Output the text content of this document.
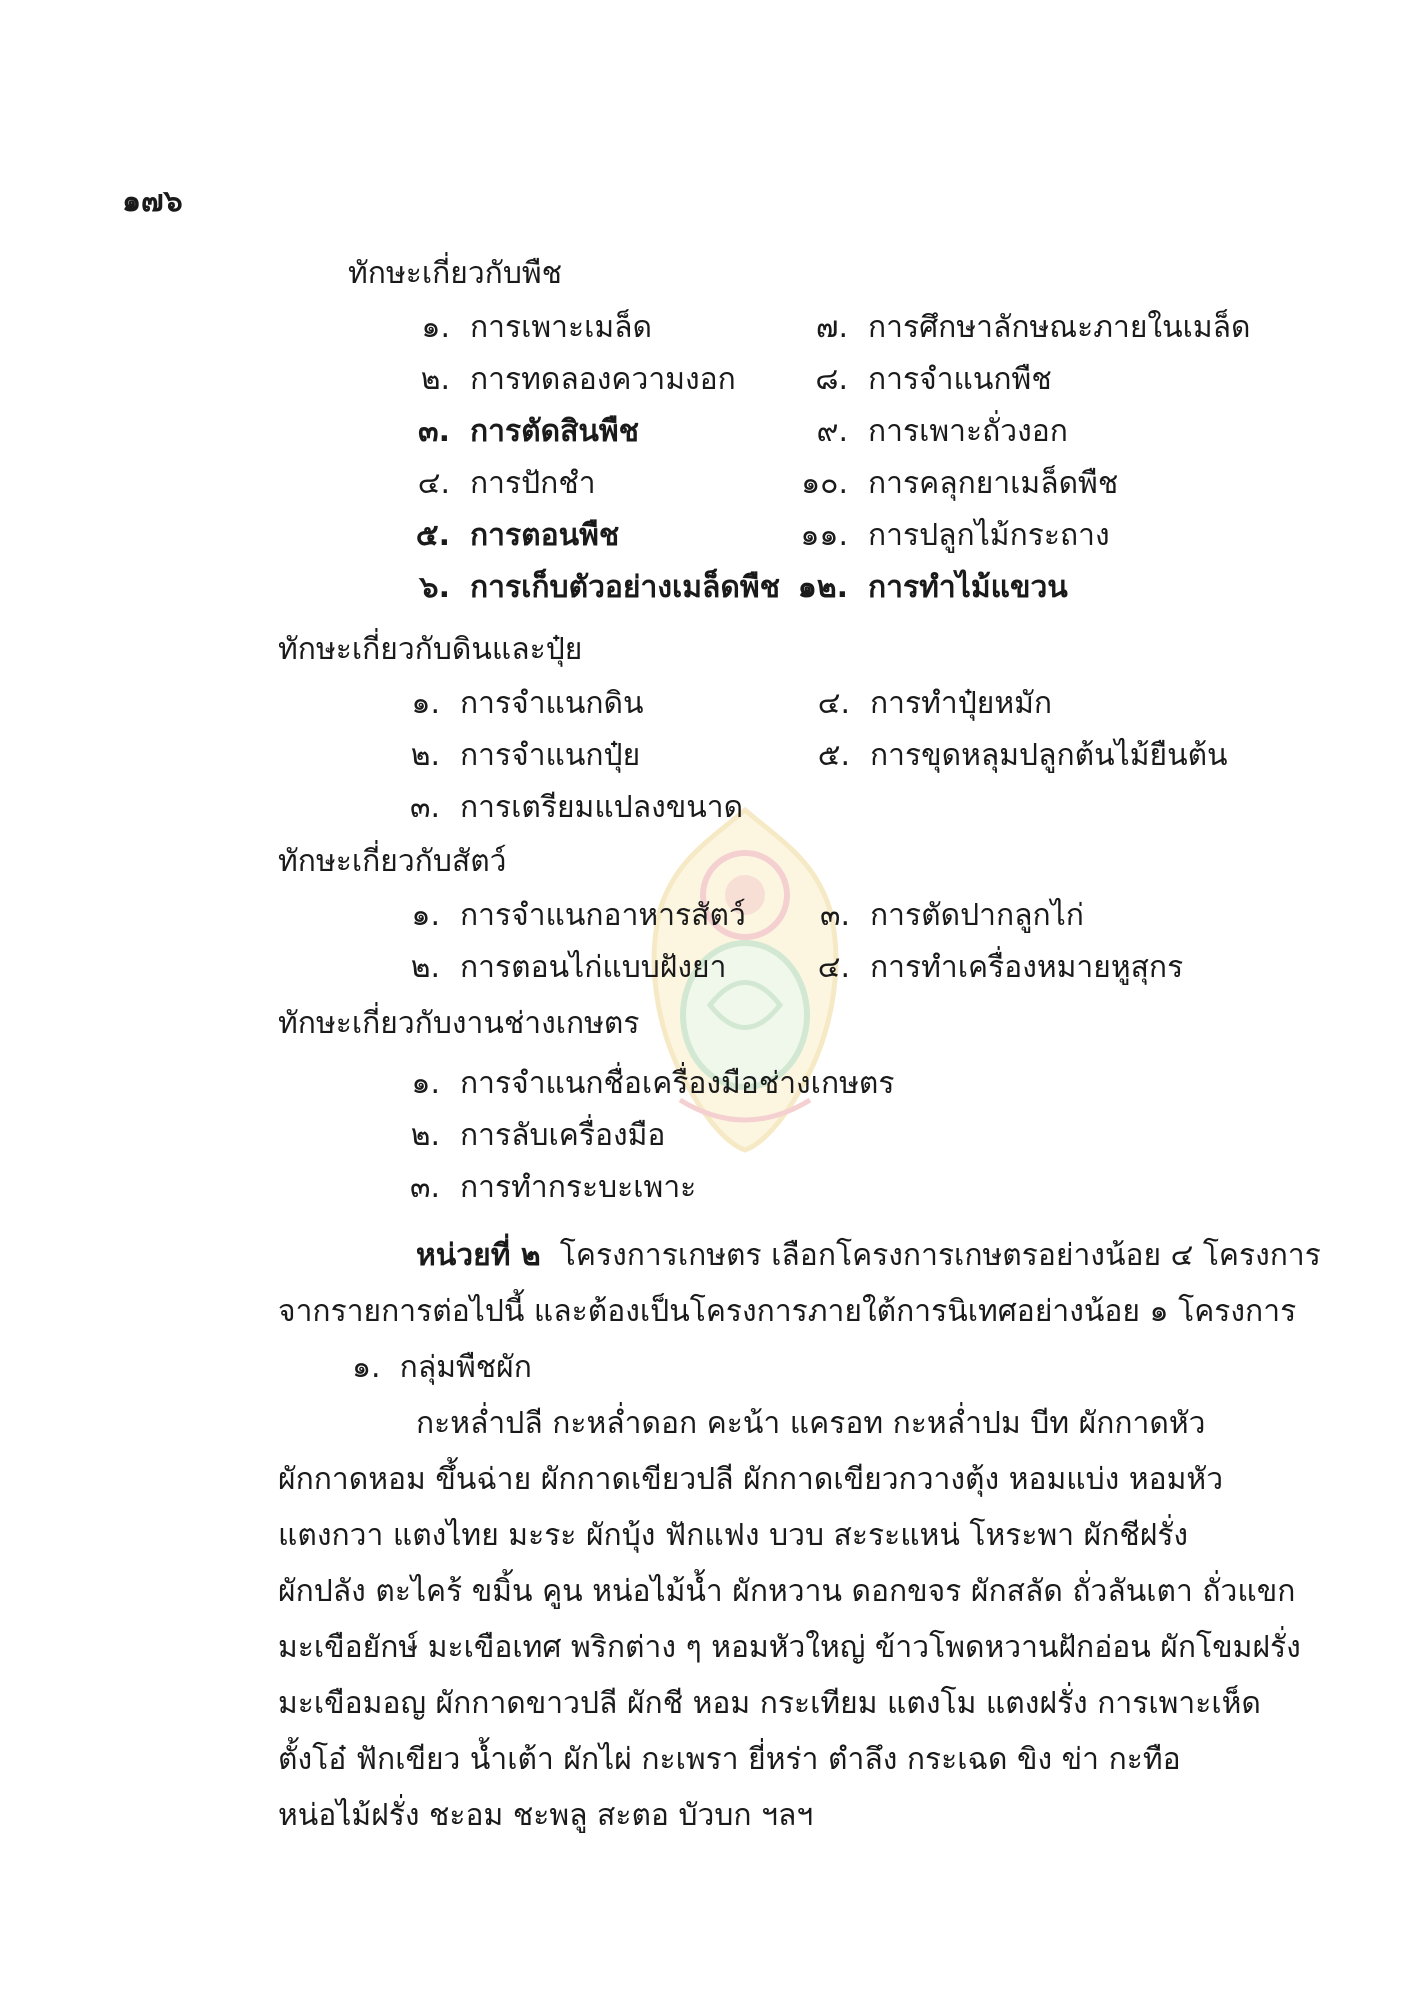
๑๗๖
ทักษะเกี่ยวกับพืช
๑. การเพาะเมล็ด
๒. การทดลองความงอก
๓. การตัดสินพืช
๔. การปักชำ
๕. การตอนพืช
๖. การเก็บตัวอย่างเมล็ดพืช
๗. การศึกษาลักษณะภายในเมล็ด
๘. การจำแนกพืช
๙. การเพาะถั่วงอก
๑๐. การคลุกยาเมล็ดพืช
๑๑. การปลูกไม้กระถาง
๑๒. การทำไม้แขวน
ทักษะเกี่ยวกับดินและปุ๋ย
๑. การจำแนกดิน
๒. การจำแนกปุ๋ย
๓. การเตรียมแปลงขนาด
๔. การทำปุ๋ยหมัก
๕. การขุดหลุมปลูกต้นไม้ยืนต้น
ทักษะเกี่ยวกับสัตว์
๑. การจำแนกอาหารสัตว์
๒. การตอนไก่แบบฝังยา
๓. การตัดปากลูกไก่
๔. การทำเครื่องหมายหูสุกร
ทักษะเกี่ยวกับงานช่างเกษตร
๑. การจำแนกชื่อเครื่องมือช่างเกษตร
๒. การลับเครื่องมือ
๓. การทำกระบะเพาะ
หน่วยที่ ๒ โครงการเกษตร เลือกโครงการเกษตรอย่างน้อย ๔ โครงการ
จากรายการต่อไปนี้ และต้องเป็นโครงการภายใต้การนิเทศอย่างน้อย ๑ โครงการ
๑. กลุ่มพืชผัก
กะหล่ำปลี กะหล่ำดอก คะน้า แครอท กะหล่ำปม บีท ผักกาดหัว
ผักกาดหอม ขึ้นฉ่าย ผักกาดเขียวปลี ผักกาดเขียวกวางตุ้ง หอมแบ่ง หอมหัว
แตงกวา แตงไทย มะระ ผักบุ้ง ฟักแฟง บวบ สะระแหน่ โหระพา ผักชีฝรั่ง
ผักปลัง ตะไคร้ ขมิ้น คูน หน่อไม้น้ำ ผักหวาน ดอกขจร ผักสลัด ถั่วลันเตา ถั่วแขก
มะเขือยักษ์ มะเขือเทศ พริกต่าง ๆ หอมหัวใหญ่ ข้าวโพดหวานฝักอ่อน ผักโขมฝรั่ง
มะเขือมอญ ผักกาดขาวปลี ผักชี หอม กระเทียม แตงโม แตงฝรั่ง การเพาะเห็ด
ตั้งโอ๋ ฟักเขียว น้ำเต้า ผักไผ่ กะเพรา ยี่หร่า ตำลึง กระเฉด ขิง ข่า กะทือ
หน่อไม้ฝรั่ง ชะอม ชะพลู สะตอ บัวบก ฯลฯ
